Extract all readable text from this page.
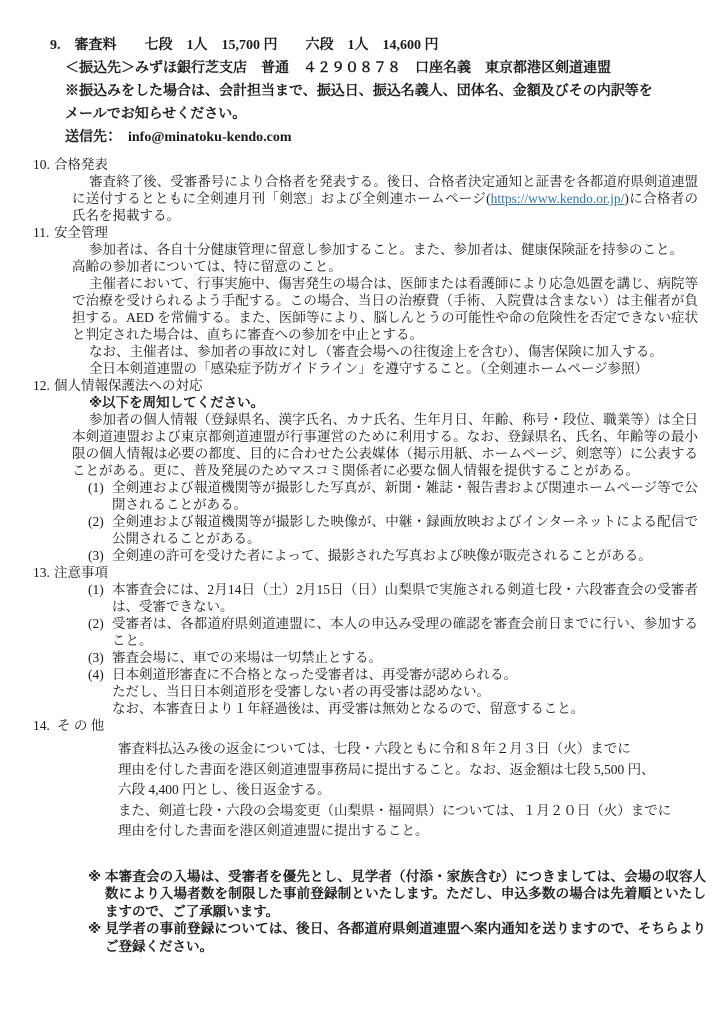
9.　審査料　　七段　1人　15,700 円　　六段　1人　14,600 円
＜振込先＞みずほ銀行芝支店　普通　４２９０８７８　口座名義　東京都港区剣道連盟
※振込みをした場合は、会計担当まで、振込日、振込名義人、団体名、金額及びその内訳等を
メールでお知らせください。
送信先：　info@minatoku-kendo.com
10. 合格発表
審査終了後、受審番号により合格者を発表する。後日、合格者決定通知と証書を各都道府県剣道連盟に送付するとともに全剣連月刊「剣窓」および全剣連ホームページ(https://www.kendo.or.jp/)に合格者の氏名を掲載する。
11. 安全管理
参加者は、各自十分健康管理に留意し参加すること。また、参加者は、健康保険証を持参のこと。
高齢の参加者については、特に留意のこと。
主催者において、行事実施中、傷害発生の場合は、医師または看護師により応急処置を講じ、病院等で治療を受けられるよう手配する。この場合、当日の治療費（手術、入院費は含まない）は主催者が負担する。AED を常備する。また、医師等により、脳しんとうの可能性や命の危険性を否定できない症状と判定された場合は、直ちに審査への参加を中止とする。
なお、主催者は、参加者の事故に対し（審査会場への往復途上を含む）、傷害保険に加入する。
全日本剣道連盟の「感染症予防ガイドライン」を遵守すること。（全剣連ホームページ参照）
12. 個人情報保護法への対応
※以下を周知してください。
参加者の個人情報（登録県名、漢字氏名、カナ氏名、生年月日、年齢、称号・段位、職業等）は全日本剣道連盟および東京都剣道連盟が行事運営のために利用する。なお、登録県名、氏名、年齢等の最小限の個人情報は必要の都度、目的に合わせた公表媒体（掲示用紙、ホームページ、剣窓等）に公表することがある。更に、普及発展のためマスコミ関係者に必要な個人情報を提供することがある。
(1) 全剣連および報道機関等が撮影した写真が、新聞・雑誌・報告書および関連ホームページ等で公開されることがある。
(2) 全剣連および報道機関等が撮影した映像が、中継・録画放映およびインターネットによる配信で公開されることがある。
(3) 全剣連の許可を受けた者によって、撮影された写真および映像が販売されることがある。
13. 注意事項
(1) 本審査会には、2月14日（土）2月15日（日）山梨県で実施される剣道七段・六段審査会の受審者は、受審できない。
(2) 受審者は、各都道府県剣道連盟に、本人の申込み受理の確認を審査会前日までに行い、参加すること。
(3) 審査会場に、車での来場は一切禁止とする。
(4) 日本剣道形審査に不合格となった受審者は、再受審が認められる。
ただし、当日日本剣道形を受審しない者の再受審は認めない。
なお、本審査日より１年経過後は、再受審は無効となるので、留意すること。
14. そ の 他
審査料払込み後の返金については、七段・六段ともに令和８年２月３日（火）までに
理由を付した書面を港区剣道連盟事務局に提出すること。なお、返金額は七段 5,500 円、
六段 4,400 円とし、後日返金する。
また、剣道七段・六段の会場変更（山梨県・福岡県）については、１月２０日（火）までに
理由を付した書面を港区剣道連盟に提出すること。
※ 本審査会の入場は、受審者を優先とし、見学者（付添・家族含む）につきましては、会場の収容人数により入場者数を制限した事前登録制といたします。ただし、申込多数の場合は先着順といたしますので、ご了承願います。
※ 見学者の事前登録については、後日、各都道府県剣道連盟へ案内通知を送りますので、そちらよりご登録ください。
